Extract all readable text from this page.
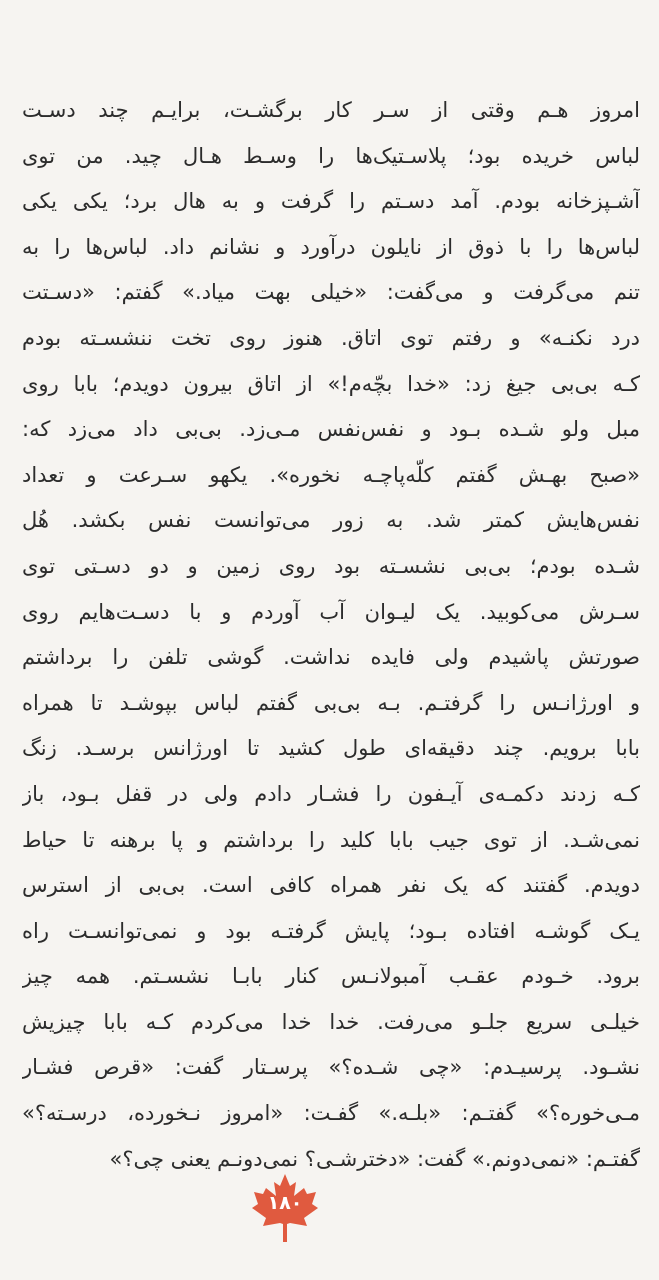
امروز هـم وقتی از سـر کار برگشـت، برایـم چند دسـت
لباس خریده بود؛ پلاسـتیک‌ها را وسـط هـال چید. من توی
آشـپزخانه بودم. آمد دسـتم را گرفت و به هال برد؛ یکی یکی
لباس‌ها را با ذوق از نایلون درآورد و نشانم داد. لباس‌ها را به
تنم می‌گرفت و می‌گفت: «خیلی بهت میاد.» گفتم: «دسـتت
درد نکنـه» و رفتم توی اتاق. هنوز روی تخت ننشسـته بودم
کـه بی‌بی جیغ زد: «خدا بچّه‌م!» از اتاق بیرون دویدم؛ بابا روی
مبل ولو شـده بـود و نفس‌نفس مـی‌زد. بی‌بی داد می‌زد که:
«صبح بهـش گفتم کلّه‌پاچـه نخوره». یکهو سـرعت و تعداد
نفس‌هایش کمتر شد. به زور می‌توانست نفس بکشد. هُل
شـده بودم؛ بی‌بی نشسـته بود روی زمین و دو دسـتی توی
سـرش می‌کوبید. یک لیـوان آب آوردم و با دسـت‌هایم روی
صورتش پاشیدم ولی فایده نداشت. گوشی تلفن را برداشتم
و اورژانـس را گرفتـم. بـه بی‌بی گفتم لباس بپوشـد تا همراه
بابا برویم. چند دقیقه‌ای طول کشید تا اورژانس برسـد. زنگ
کـه زدند دکمـه‌ی آیـفون را فشـار دادم ولی در قفل بـود، باز
نمی‌شـد. از توی جیب بابا کلید را برداشتم و پا برهنه تا حیاط
دویدم. گفتند که یک نفر همراه کافی است. بی‌بی از استرس
یـک گوشـه افتاده بـود؛ پایش گرفتـه بود و نمی‌توانسـت راه
برود. خـودم عقـب آمبولانـس کنار بابـا نشسـتم. همه چیز
خیلـی سریع جلـو می‌رفت. خدا خدا می‌کردم کـه بابا چیزیش
نشـود. پرسیـدم: «چی شـده؟» پرسـتار گفت: «قرص فشـار
مـی‌خوره؟» گفتـم: «بلـه.» گفـت: «امروز نـخورده، درسـته؟»
گفتـم: «نمی‌دونم.» گفت: «دخترشـی؟ نمی‌دونـم یعنی چی؟»
۱۸۰
